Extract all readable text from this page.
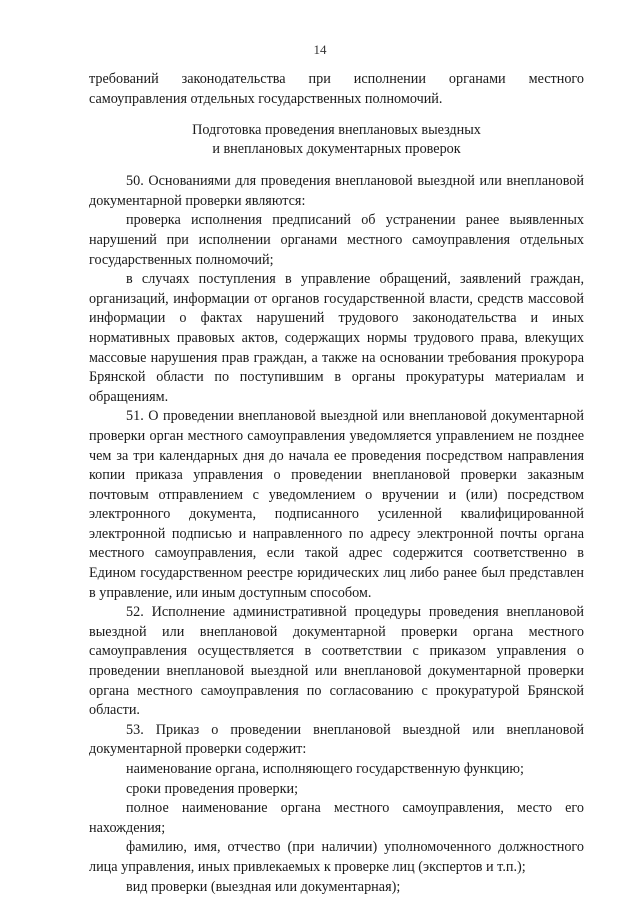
14

требований законодательства при исполнении органами местного самоуправления отдельных государственных полномочий.

Подготовка проведения внеплановых выездных
и внеплановых документарных проверок

50. Основаниями для проведения внеплановой выездной или внеплановой документарной проверки являются:

проверка исполнения предписаний об устранении ранее выявленных нарушений при исполнении органами местного самоуправления отдельных государственных полномочий;

в случаях поступления в управление обращений, заявлений граждан, организаций, информации от органов государственной власти, средств массовой информации о фактах нарушений трудового законодательства и иных нормативных правовых актов, содержащих нормы трудового права, влекущих массовые нарушения прав граждан, а также на основании требования прокурора Брянской области по поступившим в органы прокуратуры материалам и обращениям.

51. О проведении внеплановой выездной или внеплановой документарной проверки орган местного самоуправления уведомляется управлением не позднее чем за три календарных дня до начала ее проведения посредством направления копии приказа управления о проведении внеплановой проверки заказным почтовым отправлением с уведомлением о вручении и (или) посредством электронного документа, подписанного усиленной квалифицированной электронной подписью и направленного по адресу электронной почты органа местного самоуправления, если такой адрес содержится соответственно в Едином государственном реестре юридических лиц либо ранее был представлен в управление, или иным доступным способом.

52. Исполнение административной процедуры проведения внеплановой выездной или внеплановой документарной проверки органа местного самоуправления осуществляется в соответствии с приказом управления о проведении внеплановой выездной или внеплановой документарной проверки органа местного самоуправления по согласованию с прокуратурой Брянской области.

53. Приказ о проведении внеплановой выездной или внеплановой документарной проверки содержит:

наименование органа, исполняющего государственную функцию;

сроки проведения проверки;

полное наименование органа местного самоуправления, место его нахождения;

фамилию, имя, отчество (при наличии) уполномоченного должностного лица управления, иных привлекаемых к проверке лиц (экспертов и т.п.);

вид проверки (выездная или документарная);
